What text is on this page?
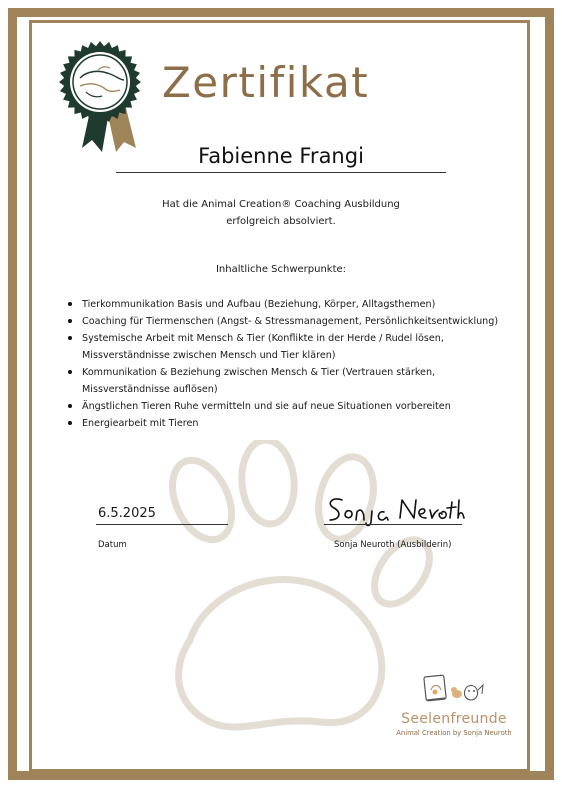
Zertifikat
Fabienne Frangi
Hat die Animal Creation® Coaching Ausbildung
erfolgreich absolviert.
Inhaltliche Schwerpunkte:
Tierkommunikation Basis und Aufbau (Beziehung, Körper, Alltagsthemen)
Coaching für Tiermenschen (Angst- & Stressmanagement, Persönlichkeitsentwicklung)
Systemische Arbeit mit Mensch & Tier (Konflikte in der Herde / Rudel lösen, Missverständnisse zwischen Mensch und Tier klären)
Kommunikation & Beziehung zwischen Mensch & Tier (Vertrauen stärken, Missverständnisse auflösen)
Ängstlichen Tieren Ruhe vermitteln und sie auf neue Situationen vorbereiten
Energiearbeit mit Tieren
6.5.2025
Datum	Sonja Neuroth (Ausbilderin)
Seelenfreunde
Animal Creation by Sonja Neuroth
